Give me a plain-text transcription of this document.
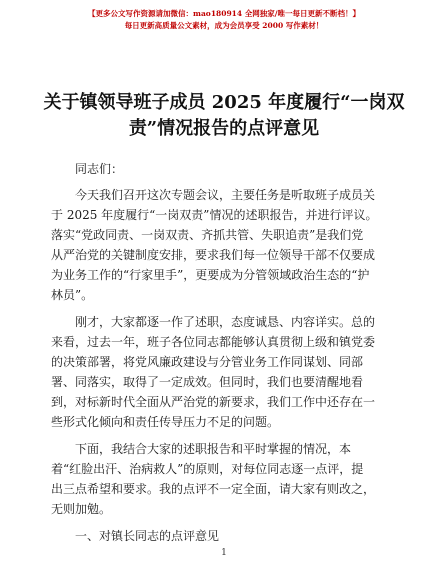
【更多公文写作资源请加微信：mao180914 全网独家/唯一每日更新不断档！】
每日更新高质量公文素材，成为会员享受 2000 写作素材！
关于镇领导班子成员 2025 年度履行“一岗双
责”情况报告的点评意见
同志们：
今天我们召开这次专题会议，主要任务是听取班子成员关
于 2025 年度履行“一岗双责”情况的述职报告，并进行评议。
落实“党政同责、一岗双责、齐抓共管、失职追责”是我们党
从严治党的关键制度安排，要求我们每一位领导干部不仅要成
为业务工作的“行家里手”，更要成为分管领域政治生态的“护
林员”。
刚才，大家都逐一作了述职，态度诚恳、内容详实。总的
来看，过去一年，班子各位同志都能够认真贯彻上级和镇党委
的决策部署，将党风廉政建设与分管业务工作同谋划、同部
署、同落实，取得了一定成效。但同时，我们也要清醒地看
到，对标新时代全面从严治党的新要求，我们工作中还存在一
些形式化倾向和责任传导压力不足的问题。
下面，我结合大家的述职报告和平时掌握的情况，本
着“红脸出汗、治病救人”的原则，对每位同志逐一点评，提
出三点希望和要求。我的点评不一定全面，请大家有则改之，
无则加勉。
一、对镇长同志的点评意见
1
